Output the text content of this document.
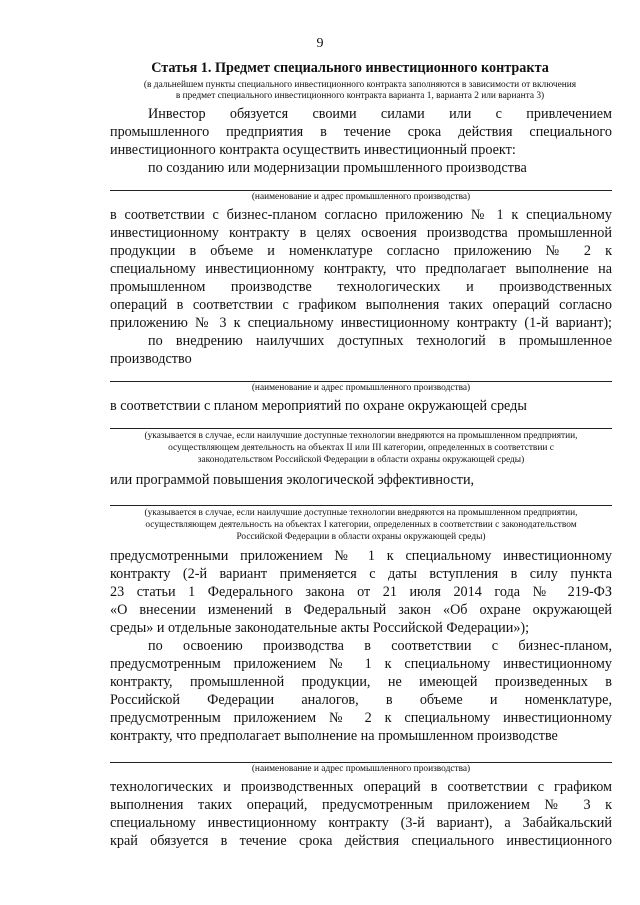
9
Статья 1. Предмет специального инвестиционного контракта
(в дальнейшем пункты специального инвестиционного контракта заполняются в зависимости от включения
в предмет специального инвестиционного контракта варианта 1, варианта 2 или варианта 3)
Инвестор обязуется своими силами или с привлечением
промышленного предприятия в течение срока действия специального
инвестиционного контракта осуществить инвестиционный проект:
по созданию или модернизации промышленного производства
(наименование и адрес промышленного производства)
в соответствии с бизнес-планом согласно приложению № 1 к специальному
инвестиционному контракту в целях освоения производства промышленной
продукции в объеме и номенклатуре согласно приложению № 2 к
специальному инвестиционному контракту, что предполагает выполнение на
промышленном производстве технологических и производственных
операций в соответствии с графиком выполнения таких операций согласно
приложению № 3 к специальному инвестиционному контракту (1-й вариант);
по внедрению наилучших доступных технологий в промышленное
производство
(наименование и адрес промышленного производства)
в соответствии с планом мероприятий по охране окружающей среды
(указывается в случае, если наилучшие доступные технологии внедряются на промышленном предприятии,
осуществляющем деятельность на объектах II или III категории, определенных в соответствии с
законодательством Российской Федерации в области охраны окружающей среды)
или программой повышения экологической эффективности,
(указывается в случае, если наилучшие доступные технологии внедряются на промышленном предприятии,
осуществляющем деятельность на объектах I категории, определенных в соответствии с законодательством
Российской Федерации в области охраны окружающей среды)
предусмотренными приложением № 1 к специальному инвестиционному
контракту (2-й вариант применяется с даты вступления в силу пункта
23 статьи 1 Федерального закона от 21 июля 2014 года № 219-ФЗ
«О внесении изменений в Федеральный закон «Об охране окружающей
среды» и отдельные законодательные акты Российской Федерации»);
по освоению производства в соответствии с бизнес-планом,
предусмотренным приложением № 1 к специальному инвестиционному
контракту, промышленной продукции, не имеющей произведенных в
Российской Федерации аналогов, в объеме и номенклатуре,
предусмотренным приложением № 2 к специальному инвестиционному
контракту, что предполагает выполнение на промышленном производстве
(наименование и адрес промышленного производства)
технологических и производственных операций в соответствии с графиком
выполнения таких операций, предусмотренным приложением № 3 к
специальному инвестиционному контракту (3-й вариант), а Забайкальский
край обязуется в течение срока действия специального инвестиционного
